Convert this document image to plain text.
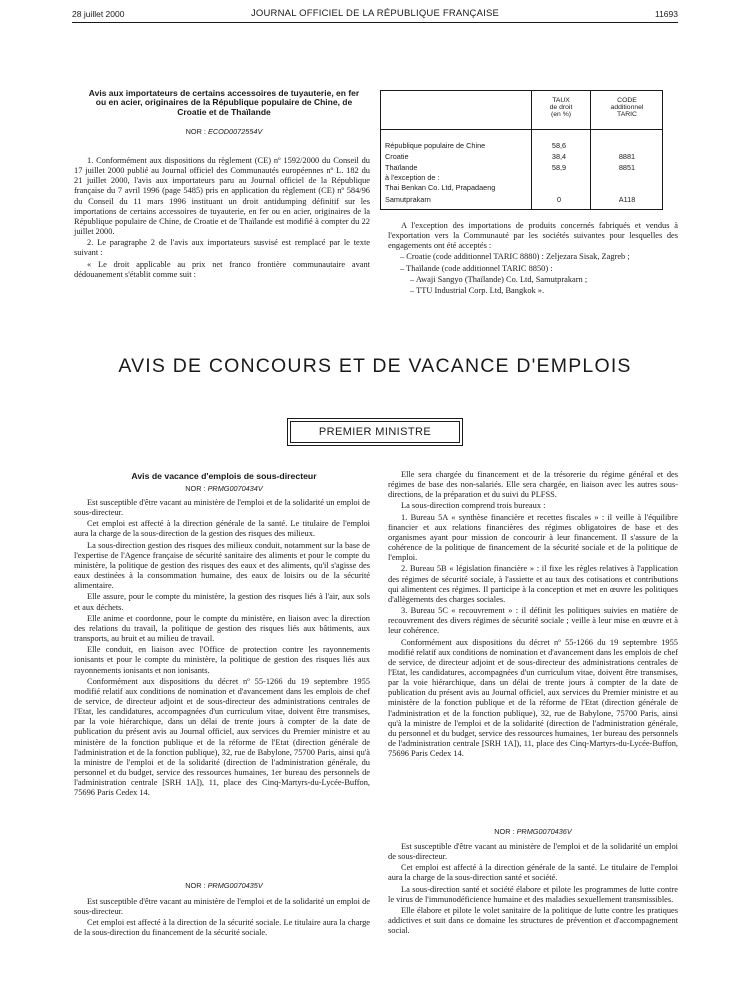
28 juillet 2000	JOURNAL OFFICIEL DE LA RÉPUBLIQUE FRANÇAISE	11693
Avis aux importateurs de certains accessoires de tuyauterie, en fer ou en acier, originaires de la République populaire de Chine, de Croatie et de Thaïlande
NOR : ECOD0072554V

1. Conformément aux dispositions du règlement (CE) nº 1592/2000 du Conseil du 17 juillet 2000 publié au Journal officiel des Communautés européennes nº L. 182 du 21 juillet 2000, l'avis aux importateurs paru au Journal officiel de la République française du 7 avril 1996 (page 5485) pris en application du règlement (CE) nº 584/96 du Conseil du 11 mars 1996 instituant un droit antidumping définitif sur les importations de certains accessoires de tuyauterie, en fer ou en acier, originaires de la République populaire de Chine, de Croatie et de Thaïlande est modifié à compter du 22 juillet 2000.

2. Le paragraphe 2 de l'avis aux importateurs susvisé est remplacé par le texte suivant :

« Le droit applicable au prix net franco frontière communautaire avant dédouanement s'établit comme suit :

TAUX
de droit
(en %)
CODE
additionnel
TARIC
République populaire de Chine	58,6
Croatie	38,4	8881
Thaïlande	58,9	8851
à l'exception de :
Thai Benkan Co. Ltd, Prapadaeng
Samutprakarn	0	A118

A l'exception des importations de produits concernés fabriqués et vendus à l'exportation vers la Communauté par les sociétés suivantes pour lesquelles des engagements ont été acceptés :

– Croatie (code additionnel TARIC 8880) : Zeljezara Sisak, Zagreb ;

– Thaïlande (code additionnel TARIC 8850) :

– Awaji Sangyo (Thaïlande) Co. Ltd, Samutprakarn ;

– TTU Industrial Corp. Ltd, Bangkok ».

AVIS DE CONCOURS ET DE VACANCE D'EMPLOIS
PREMIER MINISTRE
Avis de vacance d'emplois de sous-directeur
NOR : PRMG0070434V

Est susceptible d'être vacant au ministère de l'emploi et de la solidarité un emploi de sous-directeur.

Cet emploi est affecté à la direction générale de la santé. Le titulaire de l'emploi aura la charge de la sous-direction de la gestion des risques des milieux.

La sous-direction gestion des risques des milieux conduit, notamment sur la base de l'expertise de l'Agence française de sécurité sanitaire des aliments et pour le compte du ministère, la politique de gestion des risques des eaux et des aliments, qu'il s'agisse des eaux destinées à la consommation humaine, des eaux de loisirs ou de la sécurité alimentaire.

Elle assure, pour le compte du ministère, la gestion des risques liés à l'air, aux sols et aux déchets.

Elle anime et coordonne, pour le compte du ministère, en liaison avec la direction des relations du travail, la politique de gestion des risques liés aux bâtiments, aux transports, au bruit et au milieu de travail.

Elle conduit, en liaison avec l'Office de protection contre les rayonnements ionisants et pour le compte du ministère, la politique de gestion des risques liés aux rayonnements ionisants et non ionisants.

Conformément aux dispositions du décret nº 55-1266 du 19 septembre 1955 modifié relatif aux conditions de nomination et d'avancement dans les emplois de chef de service, de directeur adjoint et de sous-directeur des administrations centrales de l'Etat, les candidatures, accompagnées d'un curriculum vitae, doivent être transmises, par la voie hiérarchique, dans un délai de trente jours à compter de la date de publication du présent avis au Journal officiel, aux services du Premier ministre et au ministère de la fonction publique et de la réforme de l'Etat (direction générale de l'administration et de la fonction publique), 32, rue de Babylone, 75700 Paris, ainsi qu'à la ministre de l'emploi et de la solidarité (direction de l'administration générale, du personnel et du budget, service des ressources humaines, 1er bureau des personnels de l'administration centrale [SRH 1A]), 11, place des Cinq-Martyrs-du-Lycée-Buffon, 75696 Paris Cedex 14.

NOR : PRMG0070435V

Est susceptible d'être vacant au ministère de l'emploi et de la solidarité un emploi de sous-directeur.

Cet emploi est affecté à la direction de la sécurité sociale. Le titulaire aura la charge de la sous-direction du financement de la sécurité sociale.

Elle sera chargée du financement et de la trésorerie du régime général et des régimes de base des non-salariés. Elle sera chargée, en liaison avec les autres sous-directions, de la préparation et du suivi du PLFSS.

La sous-direction comprend trois bureaux :

1. Bureau 5A « synthèse financière et recettes fiscales » : il veille à l'équilibre financier et aux relations financières des régimes obligatoires de base et des organismes ayant pour mission de concourir à leur financement. Il s'assure de la cohérence de la politique de financement de la sécurité sociale et de la politique de l'emploi.

2. Bureau 5B « législation financière » : il fixe les règles relatives à l'application des régimes de sécurité sociale, à l'assiette et au taux des cotisations et contributions qui alimentent ces régimes. Il participe à la conception et met en œuvre les politiques d'allègements des charges sociales.

3. Bureau 5C « recouvrement » : il définit les politiques suivies en matière de recouvrement des divers régimes de sécurité sociale ; veille à leur mise en œuvre et à leur cohérence.

Conformément aux dispositions du décret nº 55-1266 du 19 septembre 1955 modifié relatif aux conditions de nomination et d'avancement dans les emplois de chef de service, de directeur adjoint et de sous-directeur des administrations centrales de l'Etat, les candidatures, accompagnées d'un curriculum vitae, doivent être transmises, par la voie hiérarchique, dans un délai de trente jours à compter de la date de publication du présent avis au Journal officiel, aux services du Premier ministre et au ministère de la fonction publique et de la réforme de l'Etat (direction générale de l'administration et de la fonction publique), 32, rue de Babylone, 75700 Paris, ainsi qu'à la ministre de l'emploi et de la solidarité (direction de l'administration générale, du personnel et du budget, service des ressources humaines, 1er bureau des personnels de l'administration centrale [SRH 1A]), 11, place des Cinq-Martyrs-du-Lycée-Buffon, 75696 Paris Cedex 14.

NOR : PRMG0070436V

Est susceptible d'être vacant au ministère de l'emploi et de la solidarité un emploi de sous-directeur.

Cet emploi est affecté à la direction générale de la santé. Le titulaire de l'emploi aura la charge de la sous-direction santé et société.

La sous-direction santé et société élabore et pilote les programmes de lutte contre le virus de l'immunodéficience humaine et des maladies sexuellement transmissibles.

Elle élabore et pilote le volet sanitaire de la politique de lutte contre les pratiques addictives et suit dans ce domaine les structures de prévention et d'accompagnement social.
